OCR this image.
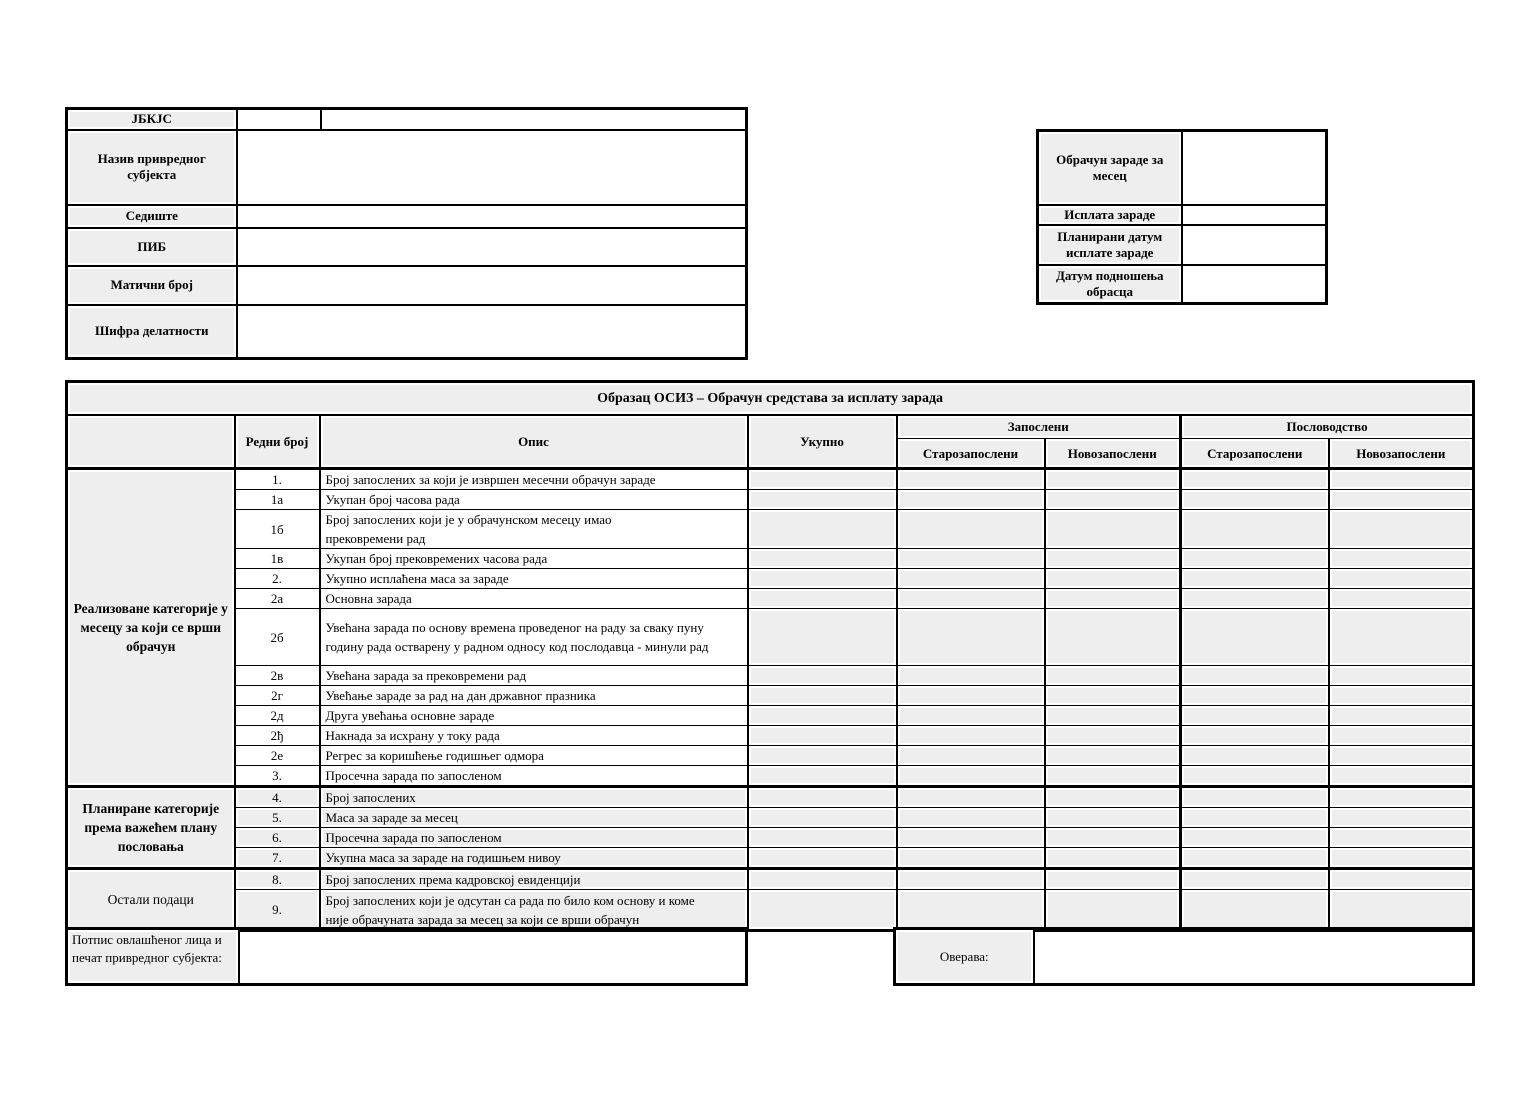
ЈБКЈС		
Назив привредног субјекта		
Седиште		
ПИБ		
Матични број		
Шифра делатности		
Обрачун зараде за месец	
Исплата зараде	
Планирани датум исплате зараде	
Датум подношења обрасца	
Образац ОСИЗ – Обрачун средстава за исплату зарада							
	Редни број	Опис	Укупно	Запослени		Пословодство	
				Старозапослени	Новозапослени	Старозапослени	Новозапослени
Реализоване категорије у месецу за који се врши обрачун	1.	Број запослених за који је извршен месечни обрачун зараде					

	1а	Укупан број часова рада					

	1б	Број запослених који је у обрачунском месецу имао прековремени рад					

	1в	Укупан број прековремених часова рада					

	2.	Укупно исплаћена маса за зараде					

	2а	Основна зарада					

	2б	Увећана зарада по основу времена проведеног на раду за сваку пуну годину рада остварену у радном односу код послодавца - минули рад					

	2в	Увећана зарада за прековремени рад					

	2г	Увећање зараде за рад на дан државног празника					

	2д	Друга увећања основне зараде					

	2ђ	Накнада за исхрану у току рада					

	2е	Регрес за коришћење годишњег одмора					

	3.	Просечна зарада по запосленом					

Планиране категорије према важећем плану пословања	4.	Број запослених					

	5.	Маса за зараде за месец					

	6.	Просечна зарада по запосленом					

	7.	Укупна маса за зараде на годишњем нивоу					

Остали подаци	8.	Број запослених према кадровској евиденцији					

	9.	Број запослених који је одсутан са рада по било ком основу и коме није обрачуната зарада за месец за који се врши обрачун					

Потпис овлашћеног лица и печат привредног субјекта:		Оверава:	
